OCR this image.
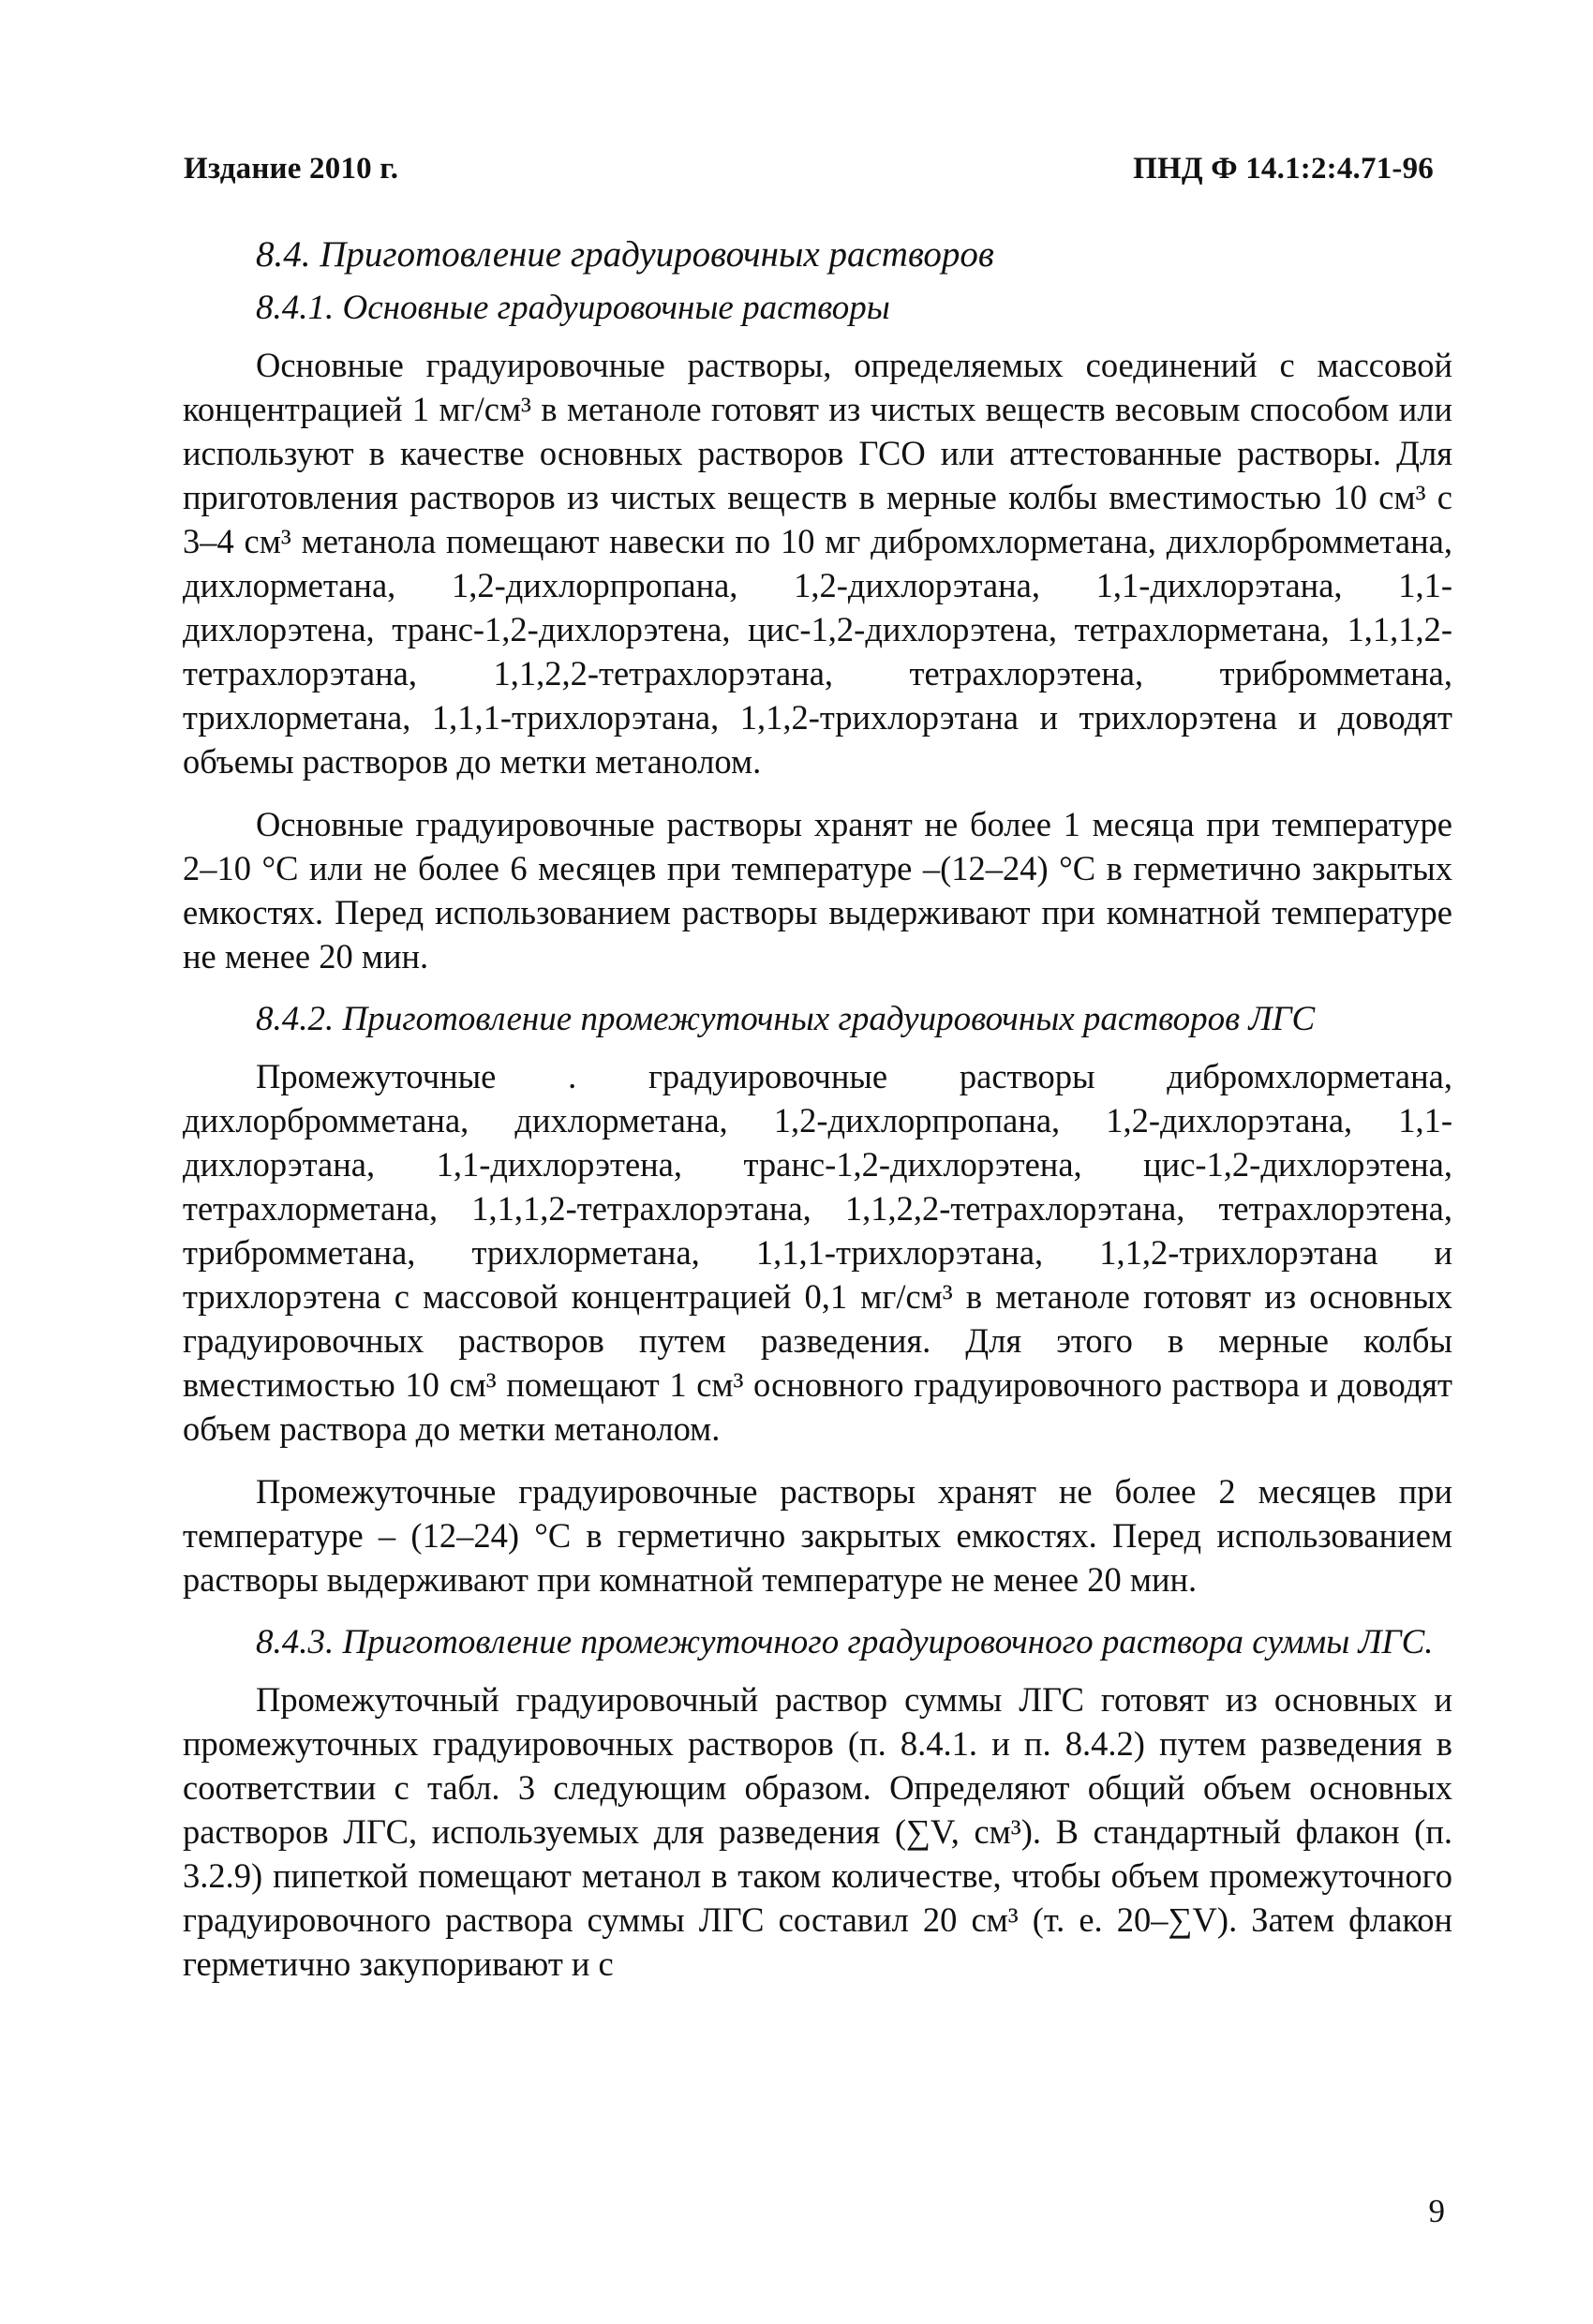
Издание 2010 г.	ПНД Ф 14.1:2:4.71-96
8.4. Приготовление градуировочных растворов
8.4.1. Основные градуировочные растворы

Основные градуировочные растворы, определяемых соединений с массовой концентрацией 1 мг/см³ в метаноле готовят из чистых веществ весовым способом или используют в качестве основных растворов ГСО или аттестованные растворы. Для приготовления растворов из чистых веществ в мерные колбы вместимостью 10 см³ с 3–4 см³ метанола помещают навески по 10 мг дибромхлорметана, дихлорбромметана, дихлорметана, 1,2-дихлорпропана, 1,2-дихлорэтана, 1,1-дихлорэтана, 1,1-дихлорэтена, транс-1,2-дихлорэтена, цис-1,2-дихлорэтена, тетрахлорметана, 1,1,1,2-тетрахлорэтана, 1,1,2,2-тетрахлорэтана, тетрахлорэтена, трибромметана, трихлорметана, 1,1,1-трихлорэтана, 1,1,2-трихлорэтана и трихлорэтена и доводят объемы растворов до метки метанолом.

Основные градуировочные растворы хранят не более 1 месяца при температуре 2–10 °С или не более 6 месяцев при температуре –(12–24) °С в герметично закрытых емкостях. Перед использованием растворы выдерживают при комнатной температуре не менее 20 мин.

8.4.2. Приготовление промежуточных градуировочных растворов ЛГС

Промежуточные . градуировочные растворы дибромхлорметана, дихлорбромметана, дихлорметана, 1,2-дихлорпропана, 1,2-дихлорэтана, 1,1-дихлорэтана, 1,1-дихлорэтена, транс-1,2-дихлорэтена, цис-1,2-дихлорэтена, тетрахлорметана, 1,1,1,2-тетрахлорэтана, 1,1,2,2-тетрахлорэтана, тетрахлорэтена, трибромметана, трихлорметана, 1,1,1-трихлорэтана, 1,1,2-трихлорэтана и трихлорэтена с массовой концентрацией 0,1 мг/см³ в метаноле готовят из основных градуировочных растворов путем разведения. Для этого в мерные колбы вместимостью 10 см³ помещают 1 см³ основного градуировочного раствора и доводят объем раствора до метки метанолом.

Промежуточные градуировочные растворы хранят не более 2 месяцев при температуре – (12–24) °С в герметично закрытых емкостях. Перед использованием растворы выдерживают при комнатной температуре не менее 20 мин.

8.4.3. Приготовление промежуточного градуировочного раствора суммы ЛГС.

Промежуточный градуировочный раствор суммы ЛГС готовят из основных и промежуточных градуировочных растворов (п. 8.4.1. и п. 8.4.2) путем разведения в соответствии с табл. 3 следующим образом. Определяют общий объем основных растворов ЛГС, используемых для разведения (∑V, см³). В стандартный флакон (п. 3.2.9) пипеткой помещают метанол в таком количестве, чтобы объем промежуточного градуировочного раствора суммы ЛГС составил 20 см³ (т. е. 20–∑V). Затем флакон герметично закупоривают и с

9
